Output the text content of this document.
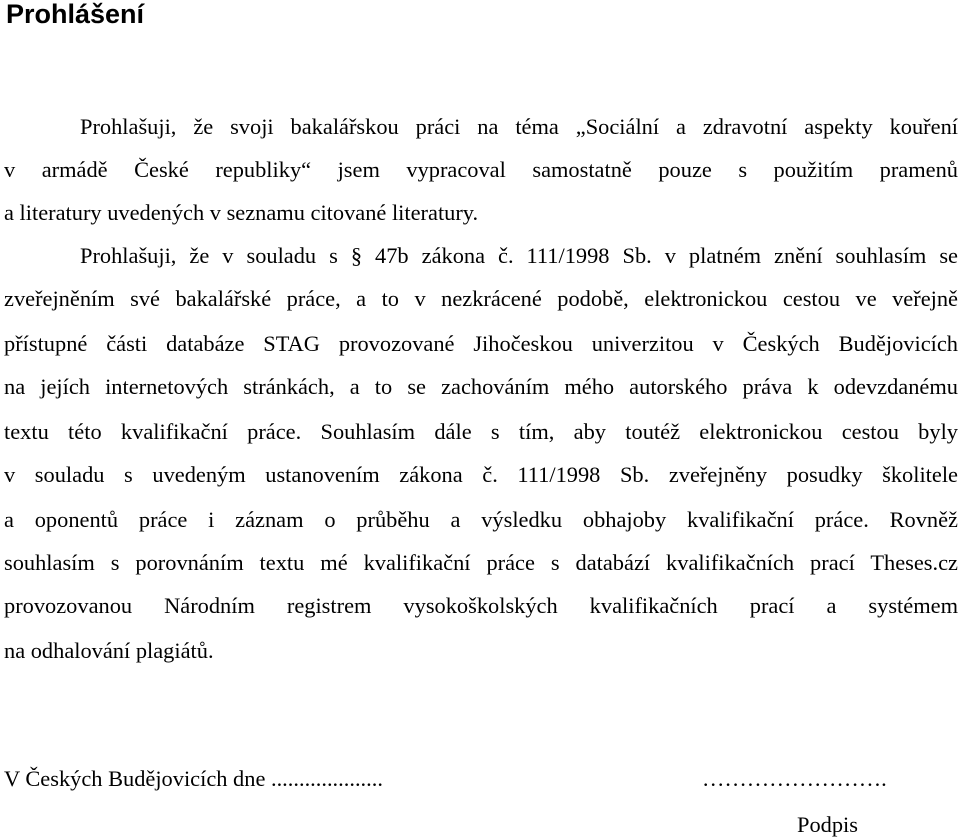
Prohlášení
Prohlašuji, že svoji bakalářskou práci na téma „Sociální a zdravotní aspekty kouření
v armádě České republiky“ jsem vypracoval samostatně pouze s použitím pramenů
a literatury uvedených v seznamu citované literatury.
Prohlašuji, že v souladu s § 47b zákona č. 111/1998 Sb. v platném znění souhlasím se
zveřejněním své bakalářské práce, a to v nezkrácené podobě, elektronickou cestou ve veřejně
přístupné části databáze STAG provozované Jihočeskou univerzitou v Českých Budějovicích
na jejích internetových stránkách, a to se zachováním mého autorského práva k odevzdanému
textu této kvalifikační práce. Souhlasím dále s tím, aby toutéž elektronickou cestou byly
v souladu s uvedeným ustanovením zákona č. 111/1998 Sb. zveřejněny posudky školitele
a oponentů práce i záznam o průběhu a výsledku obhajoby kvalifikační práce. Rovněž
souhlasím s porovnáním textu mé kvalifikační práce s databází kvalifikačních prací Theses.cz
provozovanou Národním registrem vysokoškolských kvalifikačních prací a systémem
na odhalování plagiátů.
V Českých Budějovicích dne ....................	…………………….
Podpis
